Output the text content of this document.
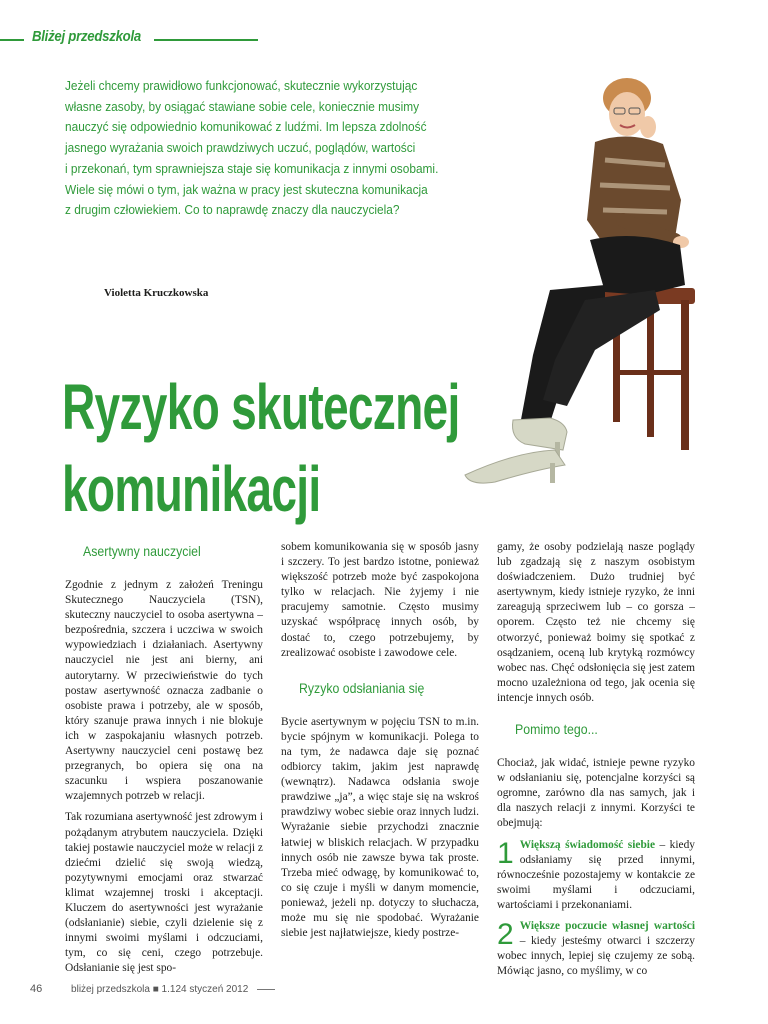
Bliżej przedszkola
Jeżeli chcemy prawidłowo funkcjonować, skutecznie wykorzystując
własne zasoby, by osiągać stawiane sobie cele, koniecznie musimy
nauczyć się odpowiednio komunikować z ludźmi. Im lepsza zdolność
jasnego wyrażania swoich prawdziwych uczuć, poglądów, wartości
i przekonań, tym sprawniejsza staje się komunikacja z innymi osobami.
Wiele się mówi o tym, jak ważna w pracy jest skuteczna komunikacja
z drugim człowiekiem. Co to naprawdę znaczy dla nauczyciela?
Violetta Kruczkowska
Ryzyko skutecznej
komunikacji
Asertywny nauczyciel

Zgodnie z jednym z założeń Treningu Skutecznego Nauczyciela (TSN), skuteczny nauczyciel to osoba asertywna – bezpośrednia, szczera i uczciwa w swoich wypowiedziach i działaniach. Asertywny nauczyciel nie jest ani bierny, ani autorytarny. W przeciwieństwie do tych postaw asertywność oznacza zadbanie o osobiste prawa i potrzeby, ale w sposób, który szanuje prawa innych i nie blokuje ich w zaspokajaniu własnych potrzeb. Asertywny nauczyciel ceni postawę bez przegranych, bo opiera się ona na szacunku i wspiera poszanowanie wzajemnych potrzeb w relacji.

Tak rozumiana asertywność jest zdrowym i pożądanym atrybutem nauczyciela. Dzięki takiej postawie nauczyciel może w relacji z dziećmi dzielić się swoją wiedzą, pozytywnymi emocjami oraz stwarzać klimat wzajemnej troski i akceptacji. Kluczem do asertywności jest wyrażanie (odsłanianie) siebie, czyli dzielenie się z innymi swoimi myślami i odczuciami, tym, co się ceni, czego potrzebuje. Odsłanianie się jest spo-

sobem komunikowania się w sposób jasny i szczery. To jest bardzo istotne, ponieważ większość potrzeb może być zaspokojona tylko w relacjach. Nie żyjemy i nie pracujemy samotnie. Często musimy uzyskać współpracę innych osób, by dostać to, czego potrzebujemy, by zrealizować osobiste i zawodowe cele.

Ryzyko odsłaniania się

Bycie asertywnym w pojęciu TSN to m.in. bycie spójnym w komunikacji. Polega to na tym, że nadawca daje się poznać odbiorcy takim, jakim jest naprawdę (wewnątrz). Nadawca odsłania swoje prawdziwe „ja”, a więc staje się na wskroś prawdziwy wobec siebie oraz innych ludzi. Wyrażanie siebie przychodzi znacznie łatwiej w bliskich relacjach. W przypadku innych osób nie zawsze bywa tak proste. Trzeba mieć odwagę, by komunikować to, co się czuje i myśli w danym momencie, ponieważ, jeżeli np. dotyczy to słuchacza, może mu się nie spodobać. Wyrażanie siebie jest najłatwiejsze, kiedy postrze-

gamy, że osoby podzielają nasze poglądy lub zgadzają się z naszym osobistym doświadczeniem. Dużo trudniej być asertywnym, kiedy istnieje ryzyko, że inni zareagują sprzeciwem lub – co gorsza – oporem. Często też nie chcemy się otworzyć, ponieważ boimy się spotkać z osądzaniem, oceną lub krytyką rozmówcy wobec nas. Chęć odsłonięcia się jest zatem mocno uzależniona od tego, jak ocenia się intencje innych osób.

Pomimo tego...

Chociaż, jak widać, istnieje pewne ryzyko w odsłanianiu się, potencjalne korzyści są ogromne, zarówno dla nas samych, jak i dla naszych relacji z innymi. Korzyści te obejmują:

1 Większą świadomość siebie – kiedy odsłaniamy się przed innymi, równocześnie pozostajemy w kontakcie ze swoimi myślami i odczuciami, wartościami i przekonaniami.

2 Większe poczucie własnej wartości – kiedy jesteśmy otwarci i szczerzy wobec innych, lepiej się czujemy ze sobą. Mówiąc jasno, co myślimy, w co

46	bliżej przedszkola ■ 1.124 styczeń 2012
